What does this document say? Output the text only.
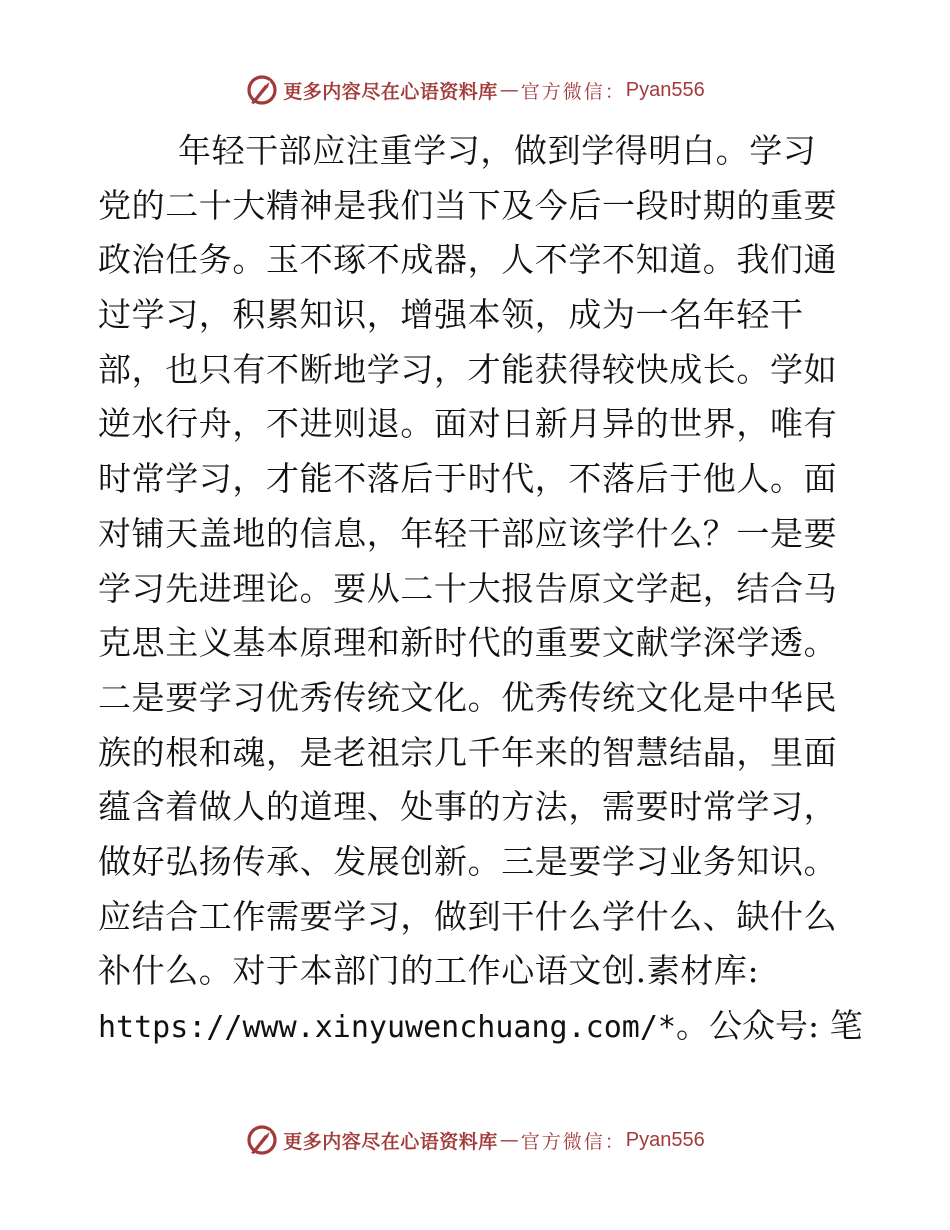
更多内容尽在心语资料库 — 官方微信： Pyan556
年轻干部应注重学习，做到学得明白。学习
党的二十大精神是我们当下及今后一段时期的重要
政治任务。玉不琢不成器，人不学不知道。我们通
过学习，积累知识，增强本领，成为一名年轻干
部，也只有不断地学习，才能获得较快成长。学如
逆水行舟，不进则退。面对日新月异的世界，唯有
时常学习，才能不落后于时代，不落后于他人。面
对铺天盖地的信息，年轻干部应该学什么？一是要
学习先进理论。要从二十大报告原文学起，结合马
克思主义基本原理和新时代的重要文献学深学透。
二是要学习优秀传统文化。优秀传统文化是中华民
族的根和魂，是老祖宗几千年来的智慧结晶，里面
蕴含着做人的道理、处事的方法，需要时常学习，
做好弘扬传承、发展创新。三是要学习业务知识。
应结合工作需要学习，做到干什么学什么、缺什么
补什么。对于本部门的工作心语文创.素材库:
https://www.xinyuwenchuang.com/*。公众号: 笔
更多内容尽在心语资料库 — 官方微信： Pyan556
